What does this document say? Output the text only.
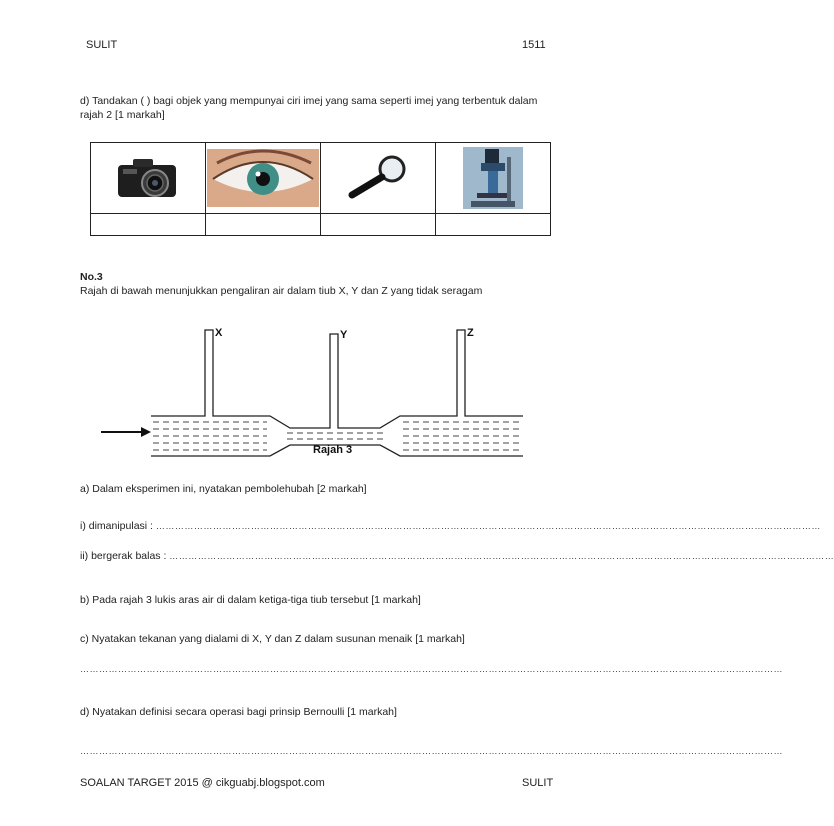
SULIT	1511
d) Tandakan ( ) bagi objek yang mempunyai ciri imej yang sama seperti imej yang terbentuk dalam
rajah 2 [1 markah]

No.3
Rajah di bawah menunjukkan pengaliran air dalam tiub X, Y dan Z yang tidak seragam
X	Y	Z
Rajah 3
a) Dalam eksperimen ini, nyatakan pembolehubah [2 markah]
i) dimanipulasi : …………………………………………………………………………………………………………………………………………………………………………………………
ii) bergerak balas : …………………………………………………………………………………………………………………………………………………………………………………………
b) Pada rajah 3 lukis aras air di dalam ketiga-tiga tiub tersebut [1 markah]
c) Nyatakan tekanan yang dialami di X, Y dan Z dalam susunan menaik [1 markah]
……………………………………………………………………………………………………………………………………………………………………………………………………
d) Nyatakan definisi secara operasi bagi prinsip Bernoulli [1 markah]
……………………………………………………………………………………………………………………………………………………………………………………………………
SOALAN TARGET 2015 @ cikguabj.blogspot.com	SULIT
